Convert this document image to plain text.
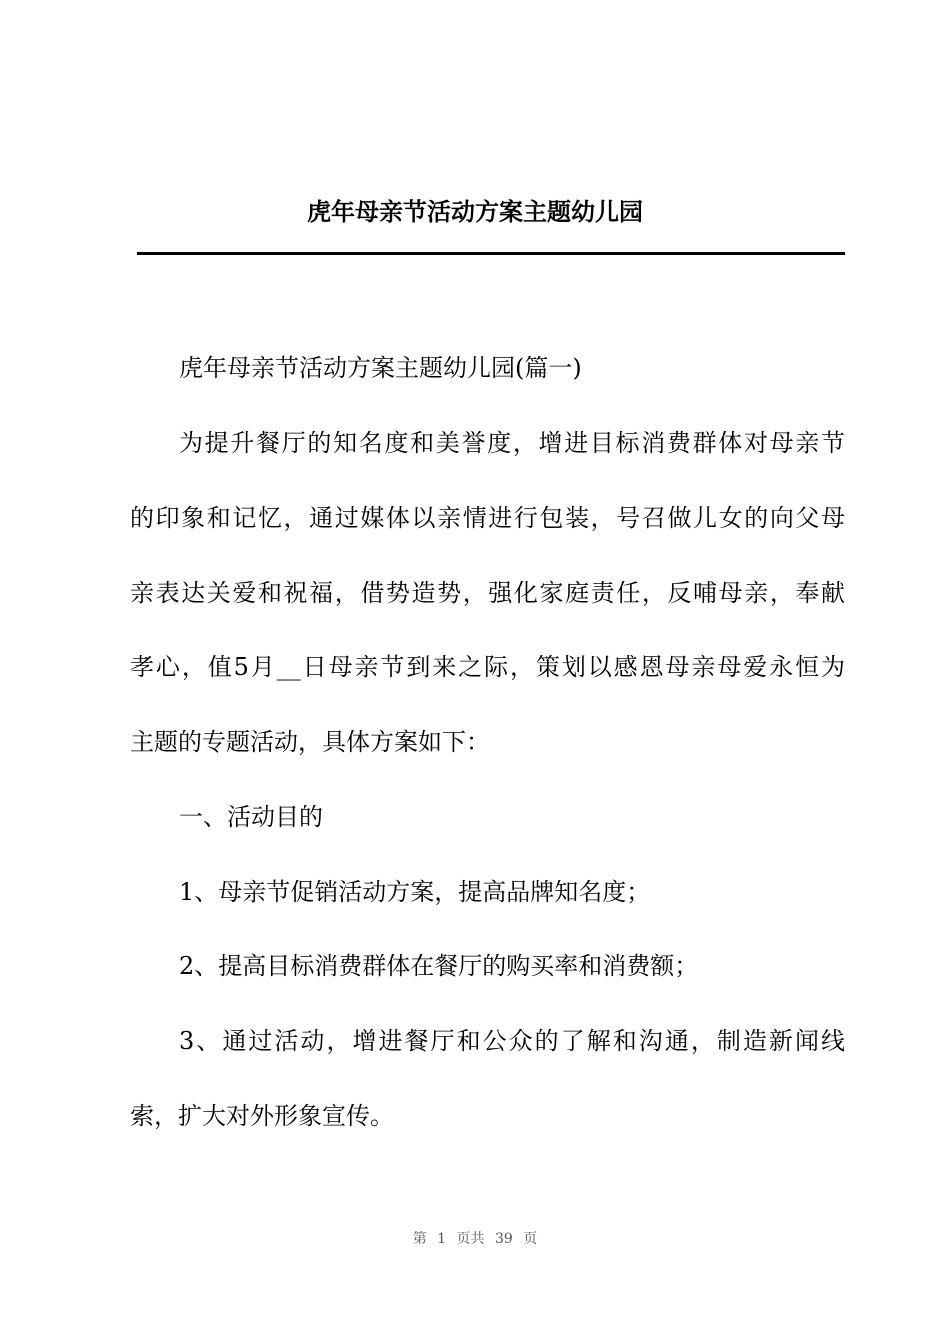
虎年母亲节活动方案主题幼儿园
虎年母亲节活动方案主题幼儿园(篇一)
为提升餐厅的知名度和美誉度，增进目标消费群体对母亲节
的印象和记忆，通过媒体以亲情进行包装，号召做儿女的向父母
亲表达关爱和祝福，借势造势，强化家庭责任，反哺母亲，奉献
孝心，值5月__日母亲节到来之际，策划以感恩母亲母爱永恒为
主题的专题活动，具体方案如下：
一、活动目的
1、母亲节促销活动方案，提高品牌知名度；
2、提高目标消费群体在餐厅的购买率和消费额；
3、通过活动，增进餐厅和公众的了解和沟通，制造新闻线
索，扩大对外形象宣传。
第 1 页共 39 页
